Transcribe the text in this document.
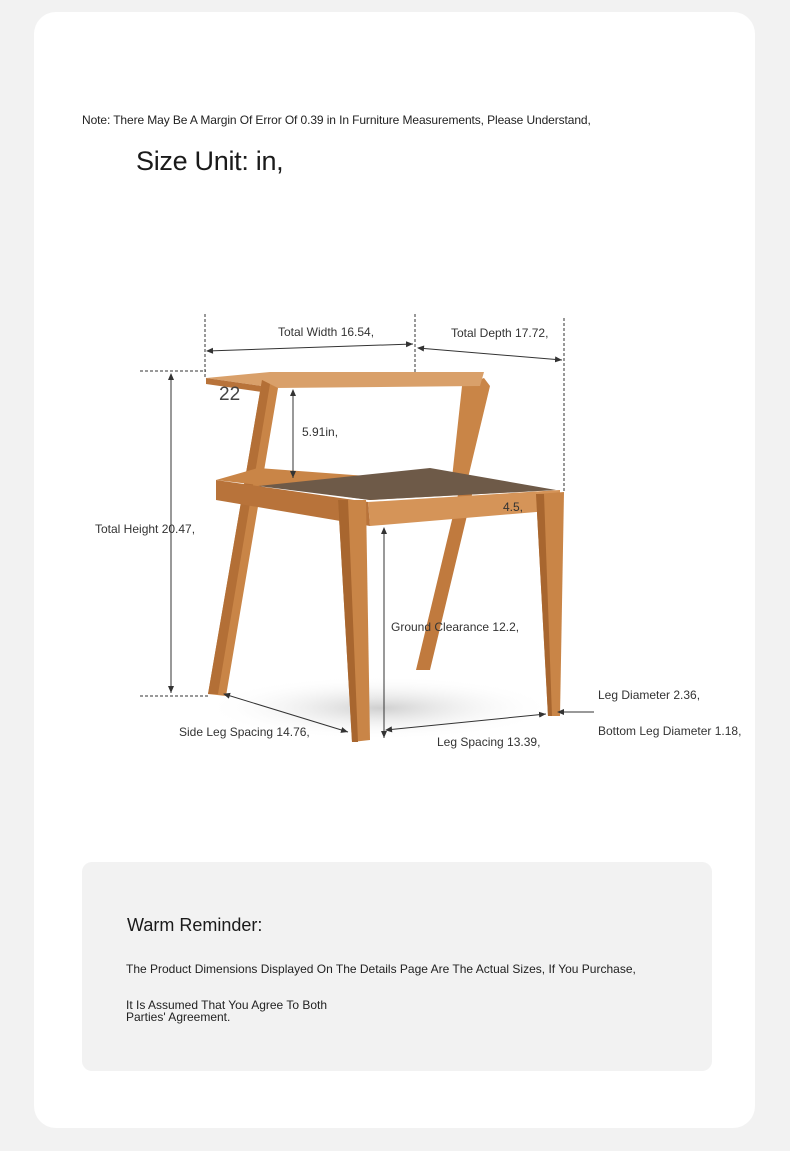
Note: There May Be A Margin Of Error Of 0.39 in In Furniture Measurements, Please Understand,
Size Unit: in,
22
Total Width 16.54,	Total Depth 17.72,
5.91in,
Total Height 20.47,
4.5,
Ground Clearance 12.2,
Leg Diameter 2.36,
Bottom Leg Diameter 1.18,
Side Leg Spacing 14.76,
Leg Spacing 13.39,
Warm Reminder:
The Product Dimensions Displayed On The Details Page Are The Actual Sizes, If You Purchase,
It Is Assumed That You Agree To Both
Parties' Agreement.
